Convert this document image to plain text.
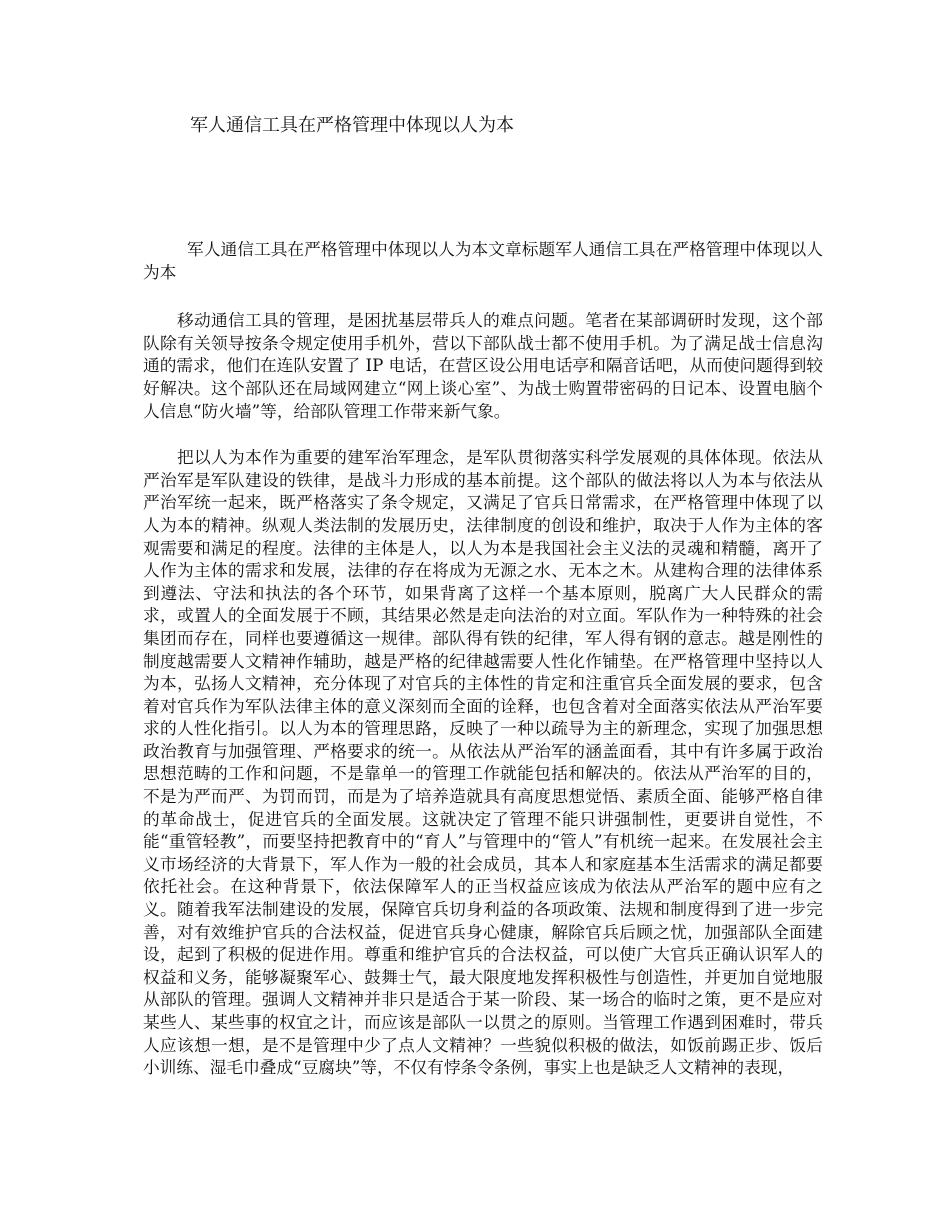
军人通信工具在严格管理中体现以人为本

军人通信工具在严格管理中体现以人为本文章标题军人通信工具在严格管理中体现以人为本

移动通信工具的管理，是困扰基层带兵人的难点问题。笔者在某部调研时发现，这个部队除有关领导按条令规定使用手机外，营以下部队战士都不使用手机。为了满足战士信息沟通的需求，他们在连队安置了 IP 电话，在营区设公用电话亭和隔音话吧，从而使问题得到较好解决。这个部队还在局域网建立“网上谈心室”、为战士购置带密码的日记本、设置电脑个人信息“防火墙”等，给部队管理工作带来新气象。

把以人为本作为重要的建军治军理念，是军队贯彻落实科学发展观的具体体现。依法从严治军是军队建设的铁律，是战斗力形成的基本前提。这个部队的做法将以人为本与依法从严治军统一起来，既严格落实了条令规定，又满足了官兵日常需求，在严格管理中体现了以人为本的精神。纵观人类法制的发展历史，法律制度的创设和维护，取决于人作为主体的客观需要和满足的程度。法律的主体是人，以人为本是我国社会主义法的灵魂和精髓，离开了人作为主体的需求和发展，法律的存在将成为无源之水、无本之木。从建构合理的法律体系到遵法、守法和执法的各个环节，如果背离了这样一个基本原则，脱离广大人民群众的需求，或置人的全面发展于不顾，其结果必然是走向法治的对立面。军队作为一种特殊的社会集团而存在，同样也要遵循这一规律。部队得有铁的纪律，军人得有钢的意志。越是刚性的制度越需要人文精神作辅助，越是严格的纪律越需要人性化作铺垫。在严格管理中坚持以人为本，弘扬人文精神，充分体现了对官兵的主体性的肯定和注重官兵全面发展的要求，包含着对官兵作为军队法律主体的意义深刻而全面的诠释，也包含着对全面落实依法从严治军要求的人性化指引。以人为本的管理思路，反映了一种以疏导为主的新理念，实现了加强思想政治教育与加强管理、严格要求的统一。从依法从严治军的涵盖面看，其中有许多属于政治思想范畴的工作和问题，不是靠单一的管理工作就能包括和解决的。依法从严治军的目的，不是为严而严、为罚而罚，而是为了培养造就具有高度思想觉悟、素质全面、能够严格自律的革命战士，促进官兵的全面发展。这就决定了管理不能只讲强制性，更要讲自觉性，不能“重管轻教”，而要坚持把教育中的“育人”与管理中的“管人”有机统一起来。在发展社会主义市场经济的大背景下，军人作为一般的社会成员，其本人和家庭基本生活需求的满足都要依托社会。在这种背景下，依法保障军人的正当权益应该成为依法从严治军的题中应有之义。随着我军法制建设的发展，保障官兵切身利益的各项政策、法规和制度得到了进一步完善，对有效维护官兵的合法权益，促进官兵身心健康，解除官兵后顾之忧，加强部队全面建设，起到了积极的促进作用。尊重和维护官兵的合法权益，可以使广大官兵正确认识军人的权益和义务，能够凝聚军心、鼓舞士气，最大限度地发挥积极性与创造性，并更加自觉地服从部队的管理。强调人文精神并非只是适合于某一阶段、某一场合的临时之策，更不是应对某些人、某些事的权宜之计，而应该是部队一以贯之的原则。当管理工作遇到困难时，带兵人应该想一想，是不是管理中少了点人文精神？一些貌似积极的做法，如饭前踢正步、饭后小训练、湿毛巾叠成“豆腐块”等，不仅有悖条令条例，事实上也是缺乏人文精神的表现，
